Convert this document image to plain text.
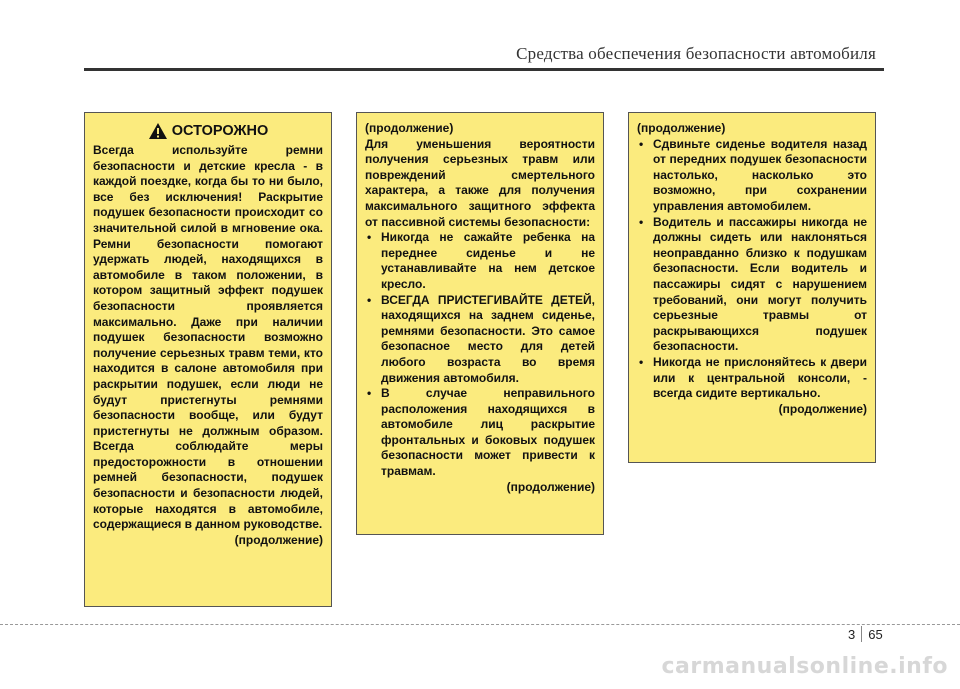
Средства обеспечения безопасности автомобиля
ОСТОРОЖНО
Всегда используйте ремни безопасности и детские кресла - в каждой поездке, когда бы то ни было, все без исключения! Раскрытие подушек безопасности происходит со значительной силой в мгновение ока. Ремни безопасности помогают удержать людей, находящихся в автомобиле в таком положении, в котором защитный эффект подушек безопасности проявляется максимально. Даже при наличии подушек безопасности возможно получение серьезных травм теми, кто находится в салоне автомобиля при раскрытии подушек, если люди не будут пристегнуты ремнями безопасности вообще, или будут пристегнуты не должным образом. Всегда соблюдайте меры предосторожности в отношении ремней безопасности, подушек безопасности и безопасности людей, которые находятся в автомобиле, содержащиеся в данном руководстве.
(продолжение)
(продолжение)
Для уменьшения вероятности получения серьезных травм или повреждений смертельного характера, а также для получения максимального защитного эффекта от пассивной системы безопасности:
• Никогда не сажайте ребенка на переднее сиденье и не устанавливайте на нем детское кресло.
• ВСЕГДА ПРИСТЕГИВАЙТЕ ДЕТЕЙ, находящихся на заднем сиденье, ремнями безопасности. Это самое безопасное место для детей любого возраста во время движения автомобиля.
• В случае неправильного расположения находящихся в автомобиле лиц раскрытие фронтальных и боковых подушек безопасности может привести к травмам.
(продолжение)
(продолжение)
• Сдвиньте сиденье водителя назад от передних подушек безопасности настолько, насколько это возможно, при сохранении управления автомобилем.
• Водитель и пассажиры никогда не должны сидеть или наклоняться неоправданно близко к подушкам безопасности. Если водитель и пассажиры сидят с нарушением требований, они могут получить серьезные травмы от раскрывающихся подушек безопасности.
• Никогда не прислоняйтесь к двери или к центральной консоли, - всегда сидите вертикально.
(продолжение)
3 65
carmanualsonline.info
